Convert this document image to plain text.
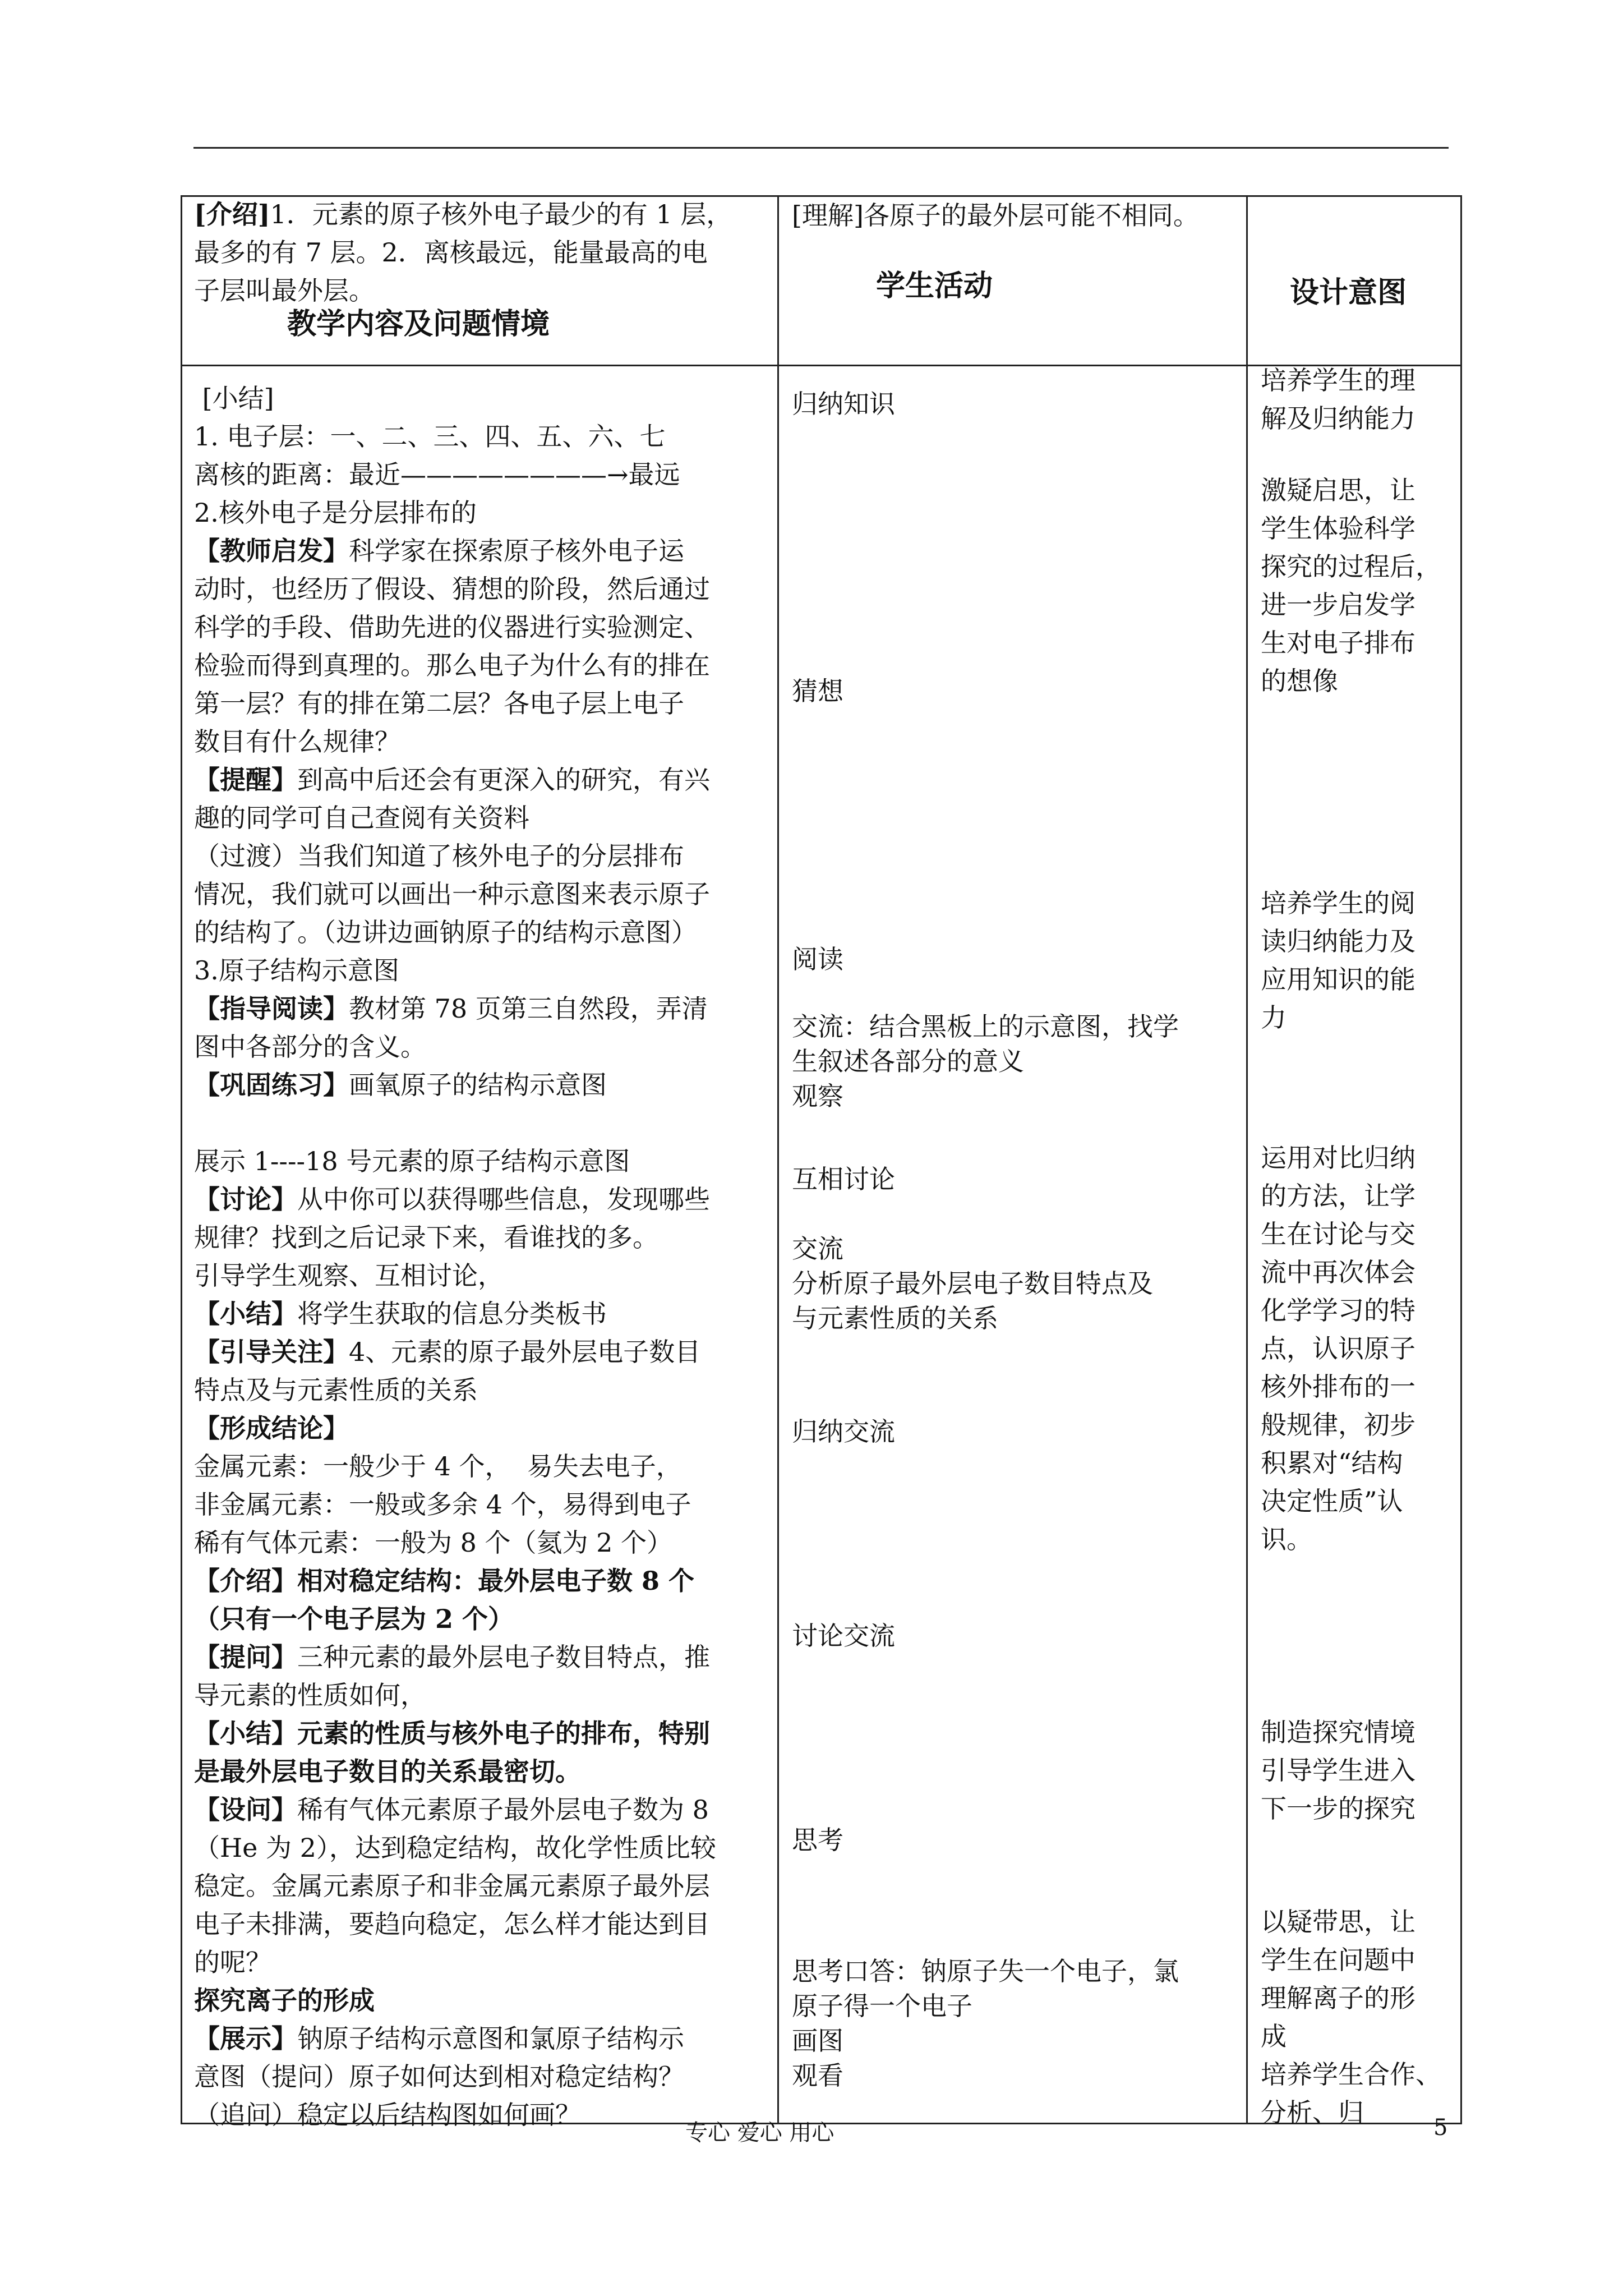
[介绍]1．元素的原子核外电子最少的有 1 层，

最多的有 7 层。2．离核最远，能量最高的电

子层叫最外层。

教学内容及问题情境

[小结]

1. 电子层：一、二、三、四、五、六、七

离核的距离：最近————————→最远

2.核外电子是分层排布的

【教师启发】科学家在探索原子核外电子运

动时，也经历了假设、猜想的阶段，然后通过

科学的手段、借助先进的仪器进行实验测定、

检验而得到真理的。那么电子为什么有的排在

第一层？有的排在第二层？各电子层上电子

数目有什么规律？

【提醒】到高中后还会有更深入的研究，有兴

趣的同学可自己查阅有关资料

（过渡）当我们知道了核外电子的分层排布

情况，我们就可以画出一种示意图来表示原子

的结构了。（边讲边画钠原子的结构示意图）

3.原子结构示意图

【指导阅读】教材第 78 页第三自然段，弄清

图中各部分的含义。

【巩固练习】画氧原子的结构示意图

展示 1----18 号元素的原子结构示意图

【讨论】从中你可以获得哪些信息，发现哪些

规律？找到之后记录下来，看谁找的多。

引导学生观察、互相讨论，

【小结】将学生获取的信息分类板书

【引导关注】4、元素的原子最外层电子数目

特点及与元素性质的关系

【形成结论】

金属元素：一般少于 4 个，  易失去电子，

非金属元素：一般或多余 4 个，易得到电子

稀有气体元素：一般为 8 个（氦为 2 个）

【介绍】相对稳定结构：最外层电子数 8 个

（只有一个电子层为 2 个）

【提问】三种元素的最外层电子数目特点，推

导元素的性质如何，

【小结】元素的性质与核外电子的排布，特别

是最外层电子数目的关系最密切。

【设问】稀有气体元素原子最外层电子数为 8

（He 为 2），达到稳定结构，故化学性质比较

稳定。金属元素原子和非金属元素原子最外层

电子未排满，要趋向稳定，怎么样才能达到目

的呢？

探究离子的形成

【展示】钠原子结构示意图和氯原子结构示

意图（提问）原子如何达到相对稳定结构？

（追问）稳定以后结构图如何画？

[理解]各原子的最外层可能不相同。
学生活动
归纳知识
猜想
阅读
交流：结合黑板上的示意图，找学
生叙述各部分的意义
观察
互相讨论
交流
分析原子最外层电子数目特点及
与元素性质的关系
归纳交流
讨论交流
思考
思考口答：钠原子失一个电子，氯
原子得一个电子
画图
观看
设计意图

培养学生的理

解及归纳能力

激疑启思，让

学生体验科学

探究的过程后，

进一步启发学

生对电子排布

的想像

培养学生的阅

读归纳能力及

应用知识的能

力

运用对比归纳

的方法，让学

生在讨论与交

流中再次体会

化学学习的特

点，认识原子

核外排布的一

般规律，初步

积累对“结构

决定性质”认

识。

制造探究情境

引导学生进入

下一步的探究

以疑带思，让

学生在问题中

理解离子的形

成

培养学生合作、

分析、归

专心 爱心 用心	5
